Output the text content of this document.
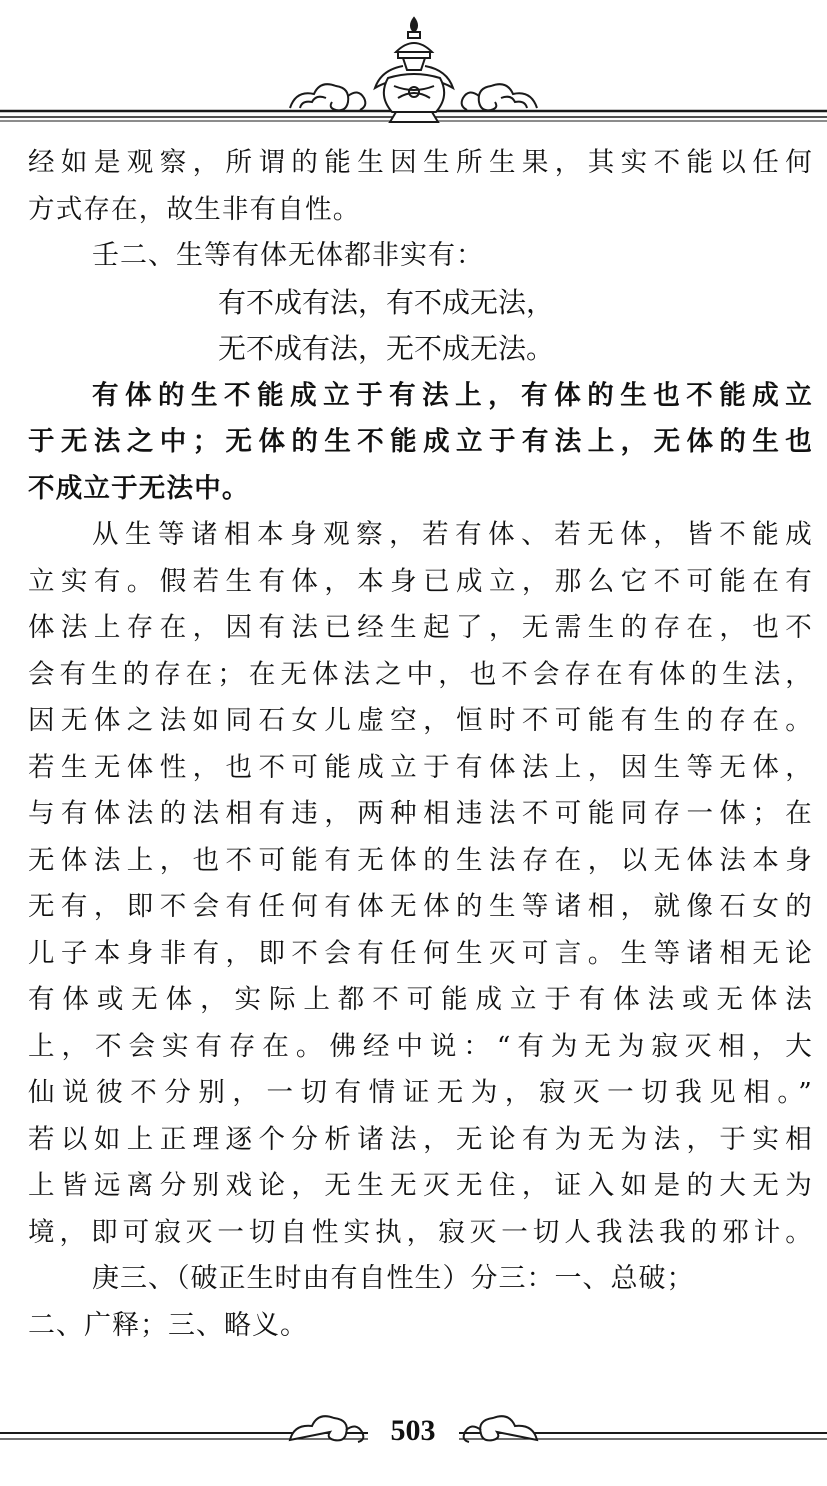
经如是观察，所谓的能生因生所生果，其实不能以任何
方式存在，故生非有自性。
壬二、生等有体无体都非实有：
有不成有法，有不成无法，
无不成有法，无不成无法。
有体的生不能成立于有法上，有体的生也不能成立
于无法之中；无体的生不能成立于有法上，无体的生也
不成立于无法中。
从生等诸相本身观察，若有体、若无体，皆不能成
立实有。假若生有体，本身已成立，那么它不可能在有
体法上存在，因有法已经生起了，无需生的存在，也不
会有生的存在；在无体法之中，也不会存在有体的生法，
因无体之法如同石女儿虚空，恒时不可能有生的存在。
若生无体性，也不可能成立于有体法上，因生等无体，
与有体法的法相有违，两种相违法不可能同存一体；在
无体法上，也不可能有无体的生法存在，以无体法本身
无有，即不会有任何有体无体的生等诸相，就像石女的
儿子本身非有，即不会有任何生灭可言。生等诸相无论
有体或无体，实际上都不可能成立于有体法或无体法
上，不会实有存在。佛经中说：“有为无为寂灭相，大
仙说彼不分别，一切有情证无为，寂灭一切我见相。”
若以如上正理逐个分析诸法，无论有为无为法，于实相
上皆远离分别戏论，无生无灭无住，证入如是的大无为
境，即可寂灭一切自性实执，寂灭一切人我法我的邪计。
庚三、（破正生时由有自性生）分三：一、总破；
二、广释；三、略义。
503
